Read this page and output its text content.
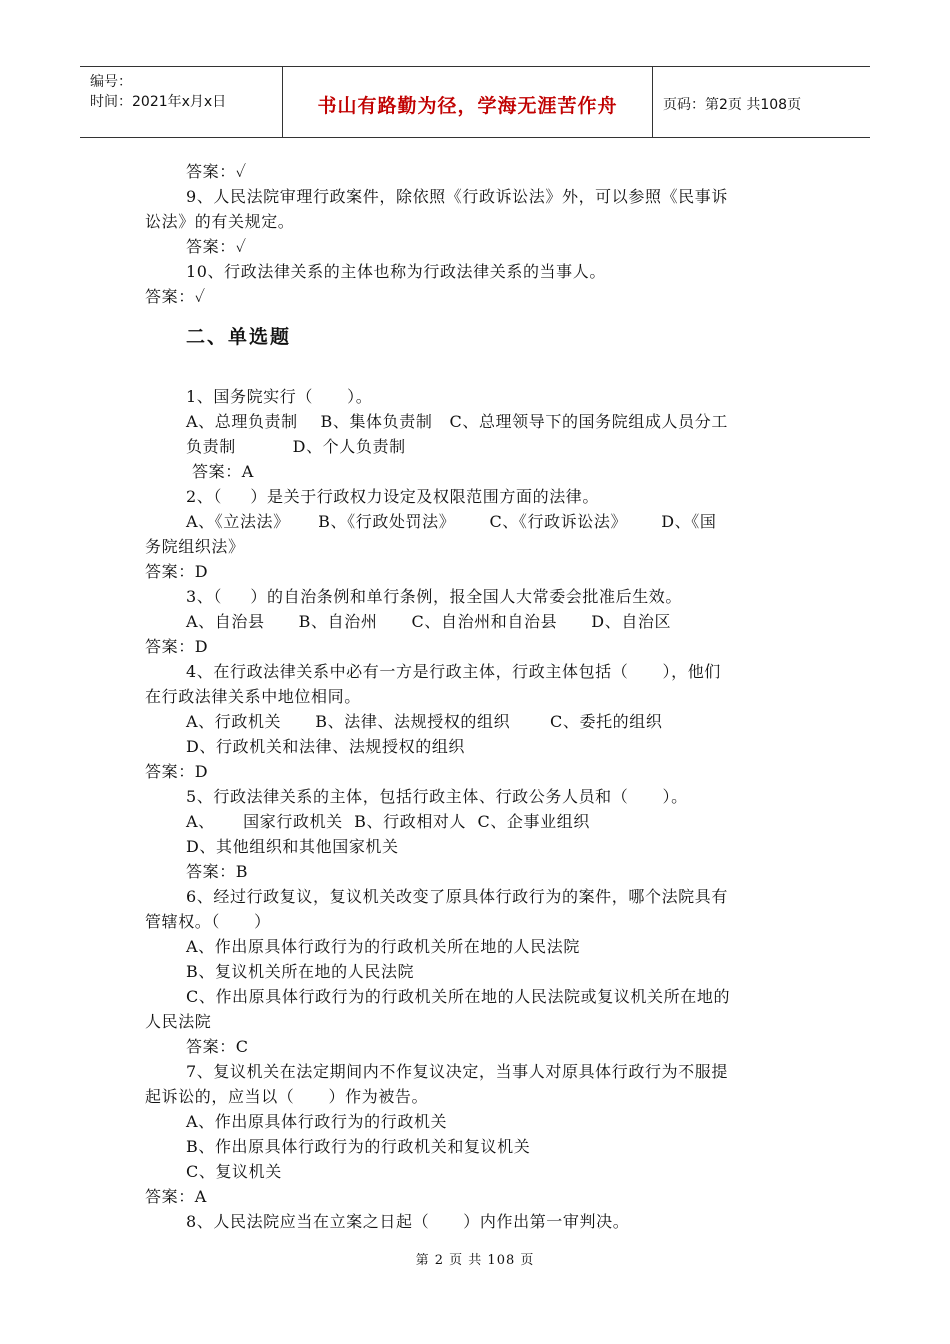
编号：
时间：2021年x月x日	书山有路勤为径，学海无涯苦作舟	页码：第2页 共108页
答案：✓
9、人民法院审理行政案件，除依照《行政诉讼法》外，可以参照《民事诉
讼法》的有关规定。
答案：✓
10、行政法律关系的主体也称为行政法律关系的当事人。
答案：✓
二、单选题
1、国务院实行（      ）。
A、总理负责制    B、集体负责制   C、总理领导下的国务院组成人员分工
负责制          D、个人负责制
答案：A
2、（     ）是关于行政权力设定及权限范围方面的法律。
A、《立法法》     B、《行政处罚法》      C、《行政诉讼法》      D、《国
务院组织法》
答案：D
3、（     ）的自治条例和单行条例，报全国人大常委会批准后生效。
A、自治县      B、自治州      C、自治州和自治县      D、自治区
答案：D
4、在行政法律关系中必有一方是行政主体，行政主体包括（      ），他们
在行政法律关系中地位相同。
A、行政机关      B、法律、法规授权的组织       C、委托的组织
D、行政机关和法律、法规授权的组织
答案：D
5、行政法律关系的主体，包括行政主体、行政公务人员和（      ）。
A、     国家行政机关  B、行政相对人  C、企事业组织
D、其他组织和其他国家机关
答案：B
6、经过行政复议，复议机关改变了原具体行政行为的案件，哪个法院具有
管辖权。（      ）
A、作出原具体行政行为的行政机关所在地的人民法院
B、复议机关所在地的人民法院
C、作出原具体行政行为的行政机关所在地的人民法院或复议机关所在地的
人民法院
答案：C
7、复议机关在法定期间内不作复议决定，当事人对原具体行政行为不服提
起诉讼的，应当以（      ）作为被告。
A、作出原具体行政行为的行政机关
B、作出原具体行政行为的行政机关和复议机关
C、复议机关
答案：A
8、人民法院应当在立案之日起（      ）内作出第一审判决。
第 2 页 共 108 页
